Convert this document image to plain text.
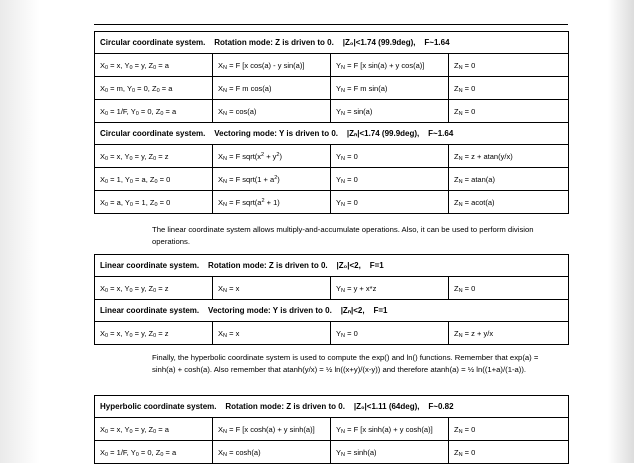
Circular coordinate system. Rotation mode: Z is driven to 0. |Z₀|<1.74 (99.9deg), F~1.64			
$X_0 = x$, $Y_0 = y$, $Z_0 = a$	$X_N = F$ [x cos(a) - y sin(a)]	$Y_N = F$ [x sin(a) + y cos(a)]	$Z_N = 0$
$X_0 = m$, $Y_0 = 0$, $Z_0 = a$	$X_N = F$ m cos(a)	$Y_N = F$ m sin(a)	$Z_N = 0$
$X_0 = 1/F$, $Y_0 = 0$, $Z_0 = a$	$X_N = \cos(a)$	$Y_N = \sin(a)$	$Z_N = 0$
Circular coordinate system. Vectoring mode: Y is driven to 0. |Zₙ|<1.74 (99.9deg), F~1.64			
$X_0 = x$, $Y_0 = y$, $Z_0 = z$	$X_N = F$ $sqrt(x^2 + y^2)$	$Y_N = 0$	$Z_N = z + atan(y/x)$
$X_0 = 1$, $Y_0 = a$, $Z_0 = 0$	$X_N = F$ sqrt(1 + $a^2$)	$Y_N = 0$	$Z_N = atan(a)$
$X_0 = a$, $Y_0 = 1$, $Z_0 = 0$	$X_N = F$ $sqrt(a^2 + 1)$	$Y_N = 0$	$Z_N = acot(a)$

The linear coordinate system allows multiply-and-accumulate operations. Also, it can be used to perform division operations.

Linear coordinate system. Rotation mode: Z is driven to 0. |Z₀|<2, F=1			
$X_0 = x$, $Y_0 = y$, $Z_0 = z$	$X_N = x$	$Y_N = y + x*z$	$Z_N = 0$
Linear coordinate system. Vectoring mode: Y is driven to 0. |Zₙ|<2, F=1			
$X_0 = x$, $Y_0 = y$, $Z_0 = z$	$X_N = x$	$Y_N = 0$	$Z_N = z + y/x$

Finally, the hyperbolic coordinate system is used to compute the exp() and ln() functions. Remember that exp(a) = sinh(a) + cosh(a). Also remember that atanh(y/x) = ½ ln((x+y)/(x-y)) and therefore atanh(a) = ½ ln((1+a)/(1-a)).

Hyperbolic coordinate system. Rotation mode: Z is driven to 0. |Z₀|<1.11 (64deg), F~0.82			
$X_0 = x$, $Y_0 = y$, $Z_0 = a$	$X_N = F$ [x cosh(a) + y sinh(a)]	$Y_N = F$ [x sinh(a) + y cosh(a)]	$Z_N = 0$
$X_0 = 1/F$, $Y_0 = 0$, $Z_0 = a$	$X_N = \cosh(a)$	$Y_N = \sinh(a)$	$Z_N = 0$
